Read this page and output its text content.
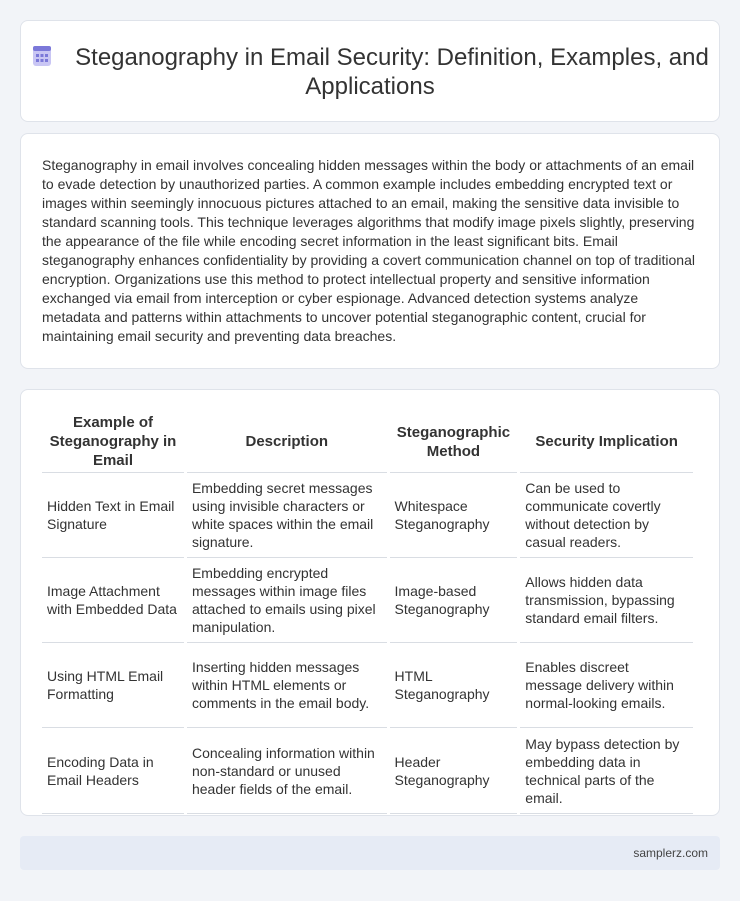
Steganography in Email Security: Definition, Examples, and Applications

Steganography in email involves concealing hidden messages within the body or attachments of an email to evade detection by unauthorized parties. A common example includes embedding encrypted text or images within seemingly innocuous pictures attached to an email, making the sensitive data invisible to standard scanning tools. This technique leverages algorithms that modify image pixels slightly, preserving the appearance of the file while encoding secret information in the least significant bits. Email steganography enhances confidentiality by providing a covert communication channel on top of traditional encryption. Organizations use this method to protect intellectual property and sensitive information exchanged via email from interception or cyber espionage. Advanced detection systems analyze metadata and patterns within attachments to uncover potential steganographic content, crucial for maintaining email security and preventing data breaches.

Example of Steganography in Email	Description	Steganographic Method	Security Implication
Hidden Text in Email Signature	Embedding secret messages using invisible characters or white spaces within the email signature.	Whitespace Steganography	Can be used to communicate covertly without detection by casual readers.
Image Attachment with Embedded Data	Embedding encrypted messages within image files attached to emails using pixel manipulation.	Image-based Steganography	Allows hidden data transmission, bypassing standard email filters.
Using HTML Email Formatting	Inserting hidden messages within HTML elements or comments in the email body.	HTML Steganography	Enables discreet message delivery within normal-looking emails.
Encoding Data in Email Headers	Concealing information within non-standard or unused header fields of the email.	Header Steganography	May bypass detection by embedding data in technical parts of the email.
samplerz.com
